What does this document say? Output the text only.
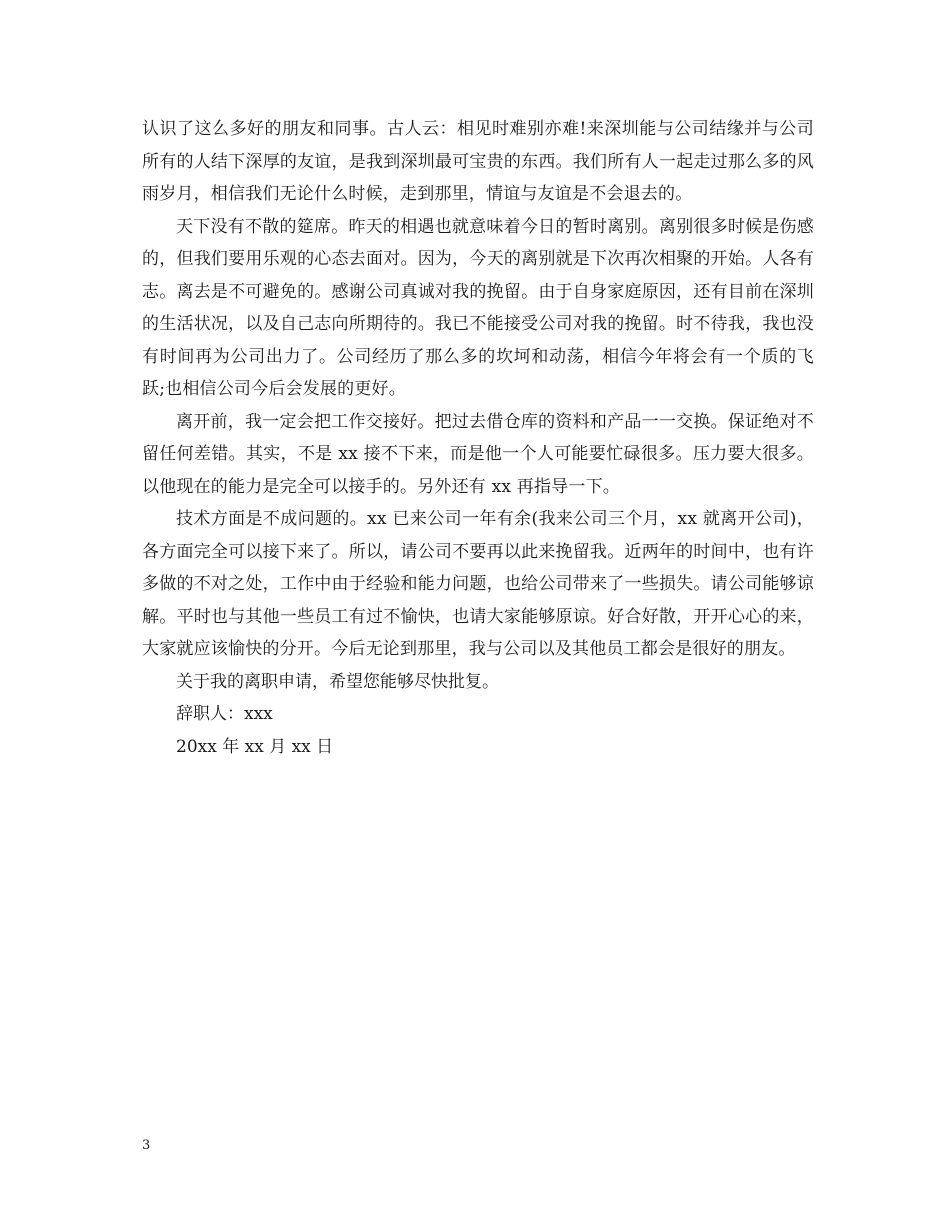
认识了这么多好的朋友和同事。古人云：相见时难别亦难!来深圳能与公司结缘并与公司所有的人结下深厚的友谊，是我到深圳最可宝贵的东西。我们所有人一起走过那么多的风雨岁月，相信我们无论什么时候，走到那里，情谊与友谊是不会退去的。

天下没有不散的筵席。昨天的相遇也就意味着今日的暂时离别。离别很多时候是伤感的，但我们要用乐观的心态去面对。因为，今天的离别就是下次再次相聚的开始。人各有志。离去是不可避免的。感谢公司真诚对我的挽留。由于自身家庭原因，还有目前在深圳的生活状况，以及自己志向所期待的。我已不能接受公司对我的挽留。时不待我，我也没有时间再为公司出力了。公司经历了那么多的坎坷和动荡，相信今年将会有一个质的飞跃;也相信公司今后会发展的更好。

离开前，我一定会把工作交接好。把过去借仓库的资料和产品一一交换。保证绝对不留任何差错。其实，不是 xx 接不下来，而是他一个人可能要忙碌很多。压力要大很多。以他现在的能力是完全可以接手的。另外还有 xx 再指导一下。

技术方面是不成问题的。xx 已来公司一年有余(我来公司三个月，xx 就离开公司)，各方面完全可以接下来了。所以，请公司不要再以此来挽留我。近两年的时间中，也有许多做的不对之处，工作中由于经验和能力问题，也给公司带来了一些损失。请公司能够谅解。平时也与其他一些员工有过不愉快，也请大家能够原谅。好合好散，开开心心的来，大家就应该愉快的分开。今后无论到那里，我与公司以及其他员工都会是很好的朋友。

关于我的离职申请，希望您能够尽快批复。

辞职人：xxx

20xx 年 xx 月 xx 日

3
